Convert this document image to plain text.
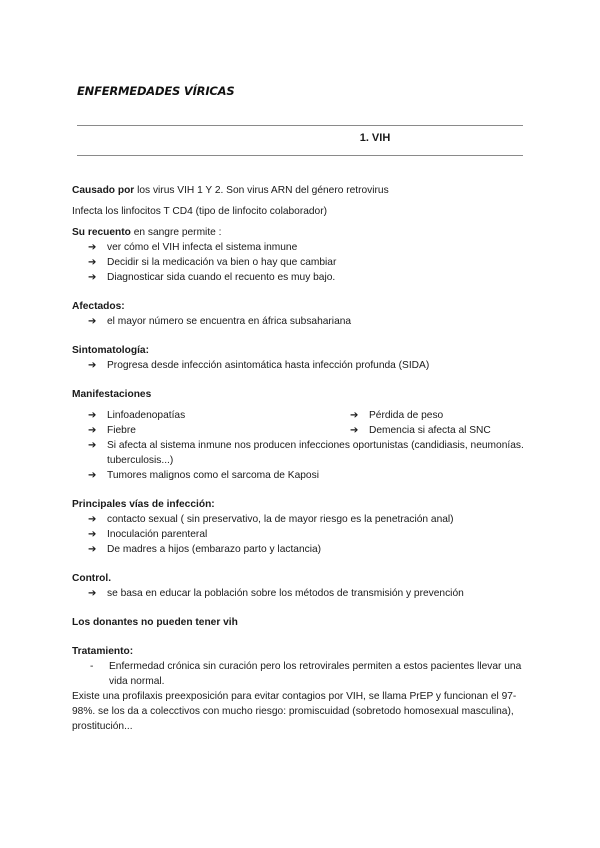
ENFERMEDADES VÍRICAS
1. VIH

Causado por los virus VIH 1 Y 2. Son virus ARN del género retrovirus

Infecta los linfocitos T CD4 (tipo de linfocito colaborador)

Su recuento en sangre permite :

➔ ver cómo el VIH infecta el sistema inmune
➔ Decidir si la medicación va bien o hay que cambiar
➔ Diagnosticar sida cuando el recuento es muy bajo.

Afectados:

➔ el mayor número se encuentra en áfrica subsahariana

Sintomatología:

➔ Progresa desde infección asintomática hasta infección profunda (SIDA)

Manifestaciones

➔ Linfoadenopatías
➔ Fiebre
➔ Pérdida de peso
➔ Demencia si afecta al SNC
➔ Si afecta al sistema inmune nos producen infecciones oportunistas (candidiasis, neumonías. tuberculosis...)
➔ Tumores malignos como el sarcoma de Kaposi

Principales vías de infección:

➔ contacto sexual ( sin preservativo, la de mayor riesgo es la penetración anal)
➔ Inoculación parenteral
➔ De madres a hijos (embarazo parto y lactancia)

Control.

➔ se basa en educar la población sobre los métodos de transmisión y prevención

Los donantes no pueden tener vih

Tratamiento:

- Enfermedad crónica sin curación pero los retrovirales permiten a estos pacientes llevar una vida normal.

Existe una profilaxis preexposición para evitar contagios por VIH, se llama PrEP y funcionan el 97-98%. se los da a colecctivos con mucho riesgo: promiscuidad (sobretodo homosexual masculina), prostitución...
